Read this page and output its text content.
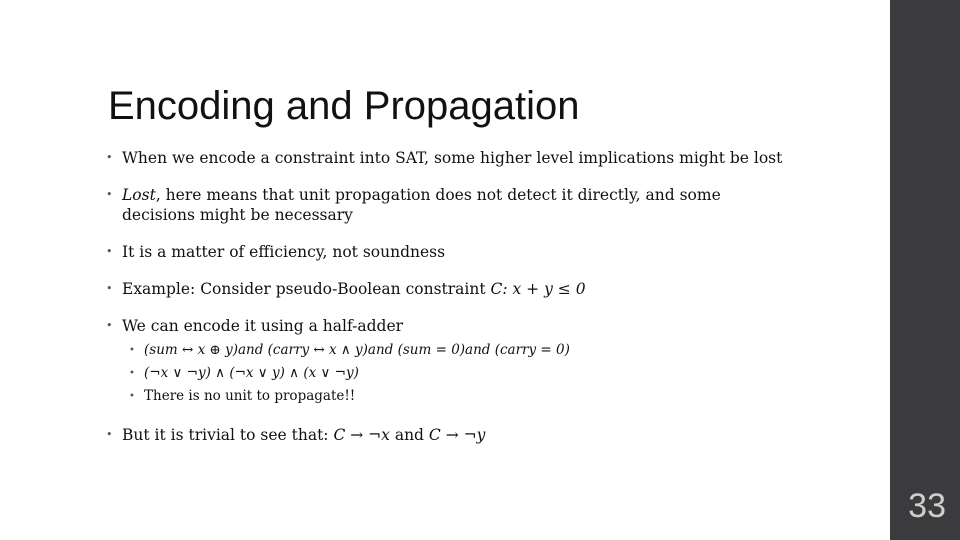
Encoding and Propagation
• When we encode a constraint into SAT, some higher level implications might be lost
• Lost, here means that unit propagation does not detect it directly, and some decisions might be necessary
• It is a matter of efficiency, not soundness
• Example: Consider pseudo-Boolean constraint C: x + y ≤ 0
• We can encode it using a half-adder
• (sum ↔ x ⊕ y)and (carry ↔ x ∧ y)and (sum = 0)and (carry = 0)
• (¬x ∨ ¬y) ∧ (¬x ∨ y) ∧ (x ∨ ¬y)
• There is no unit to propagate!!
• But it is trivial to see that: C → ¬x and C → ¬y
33
